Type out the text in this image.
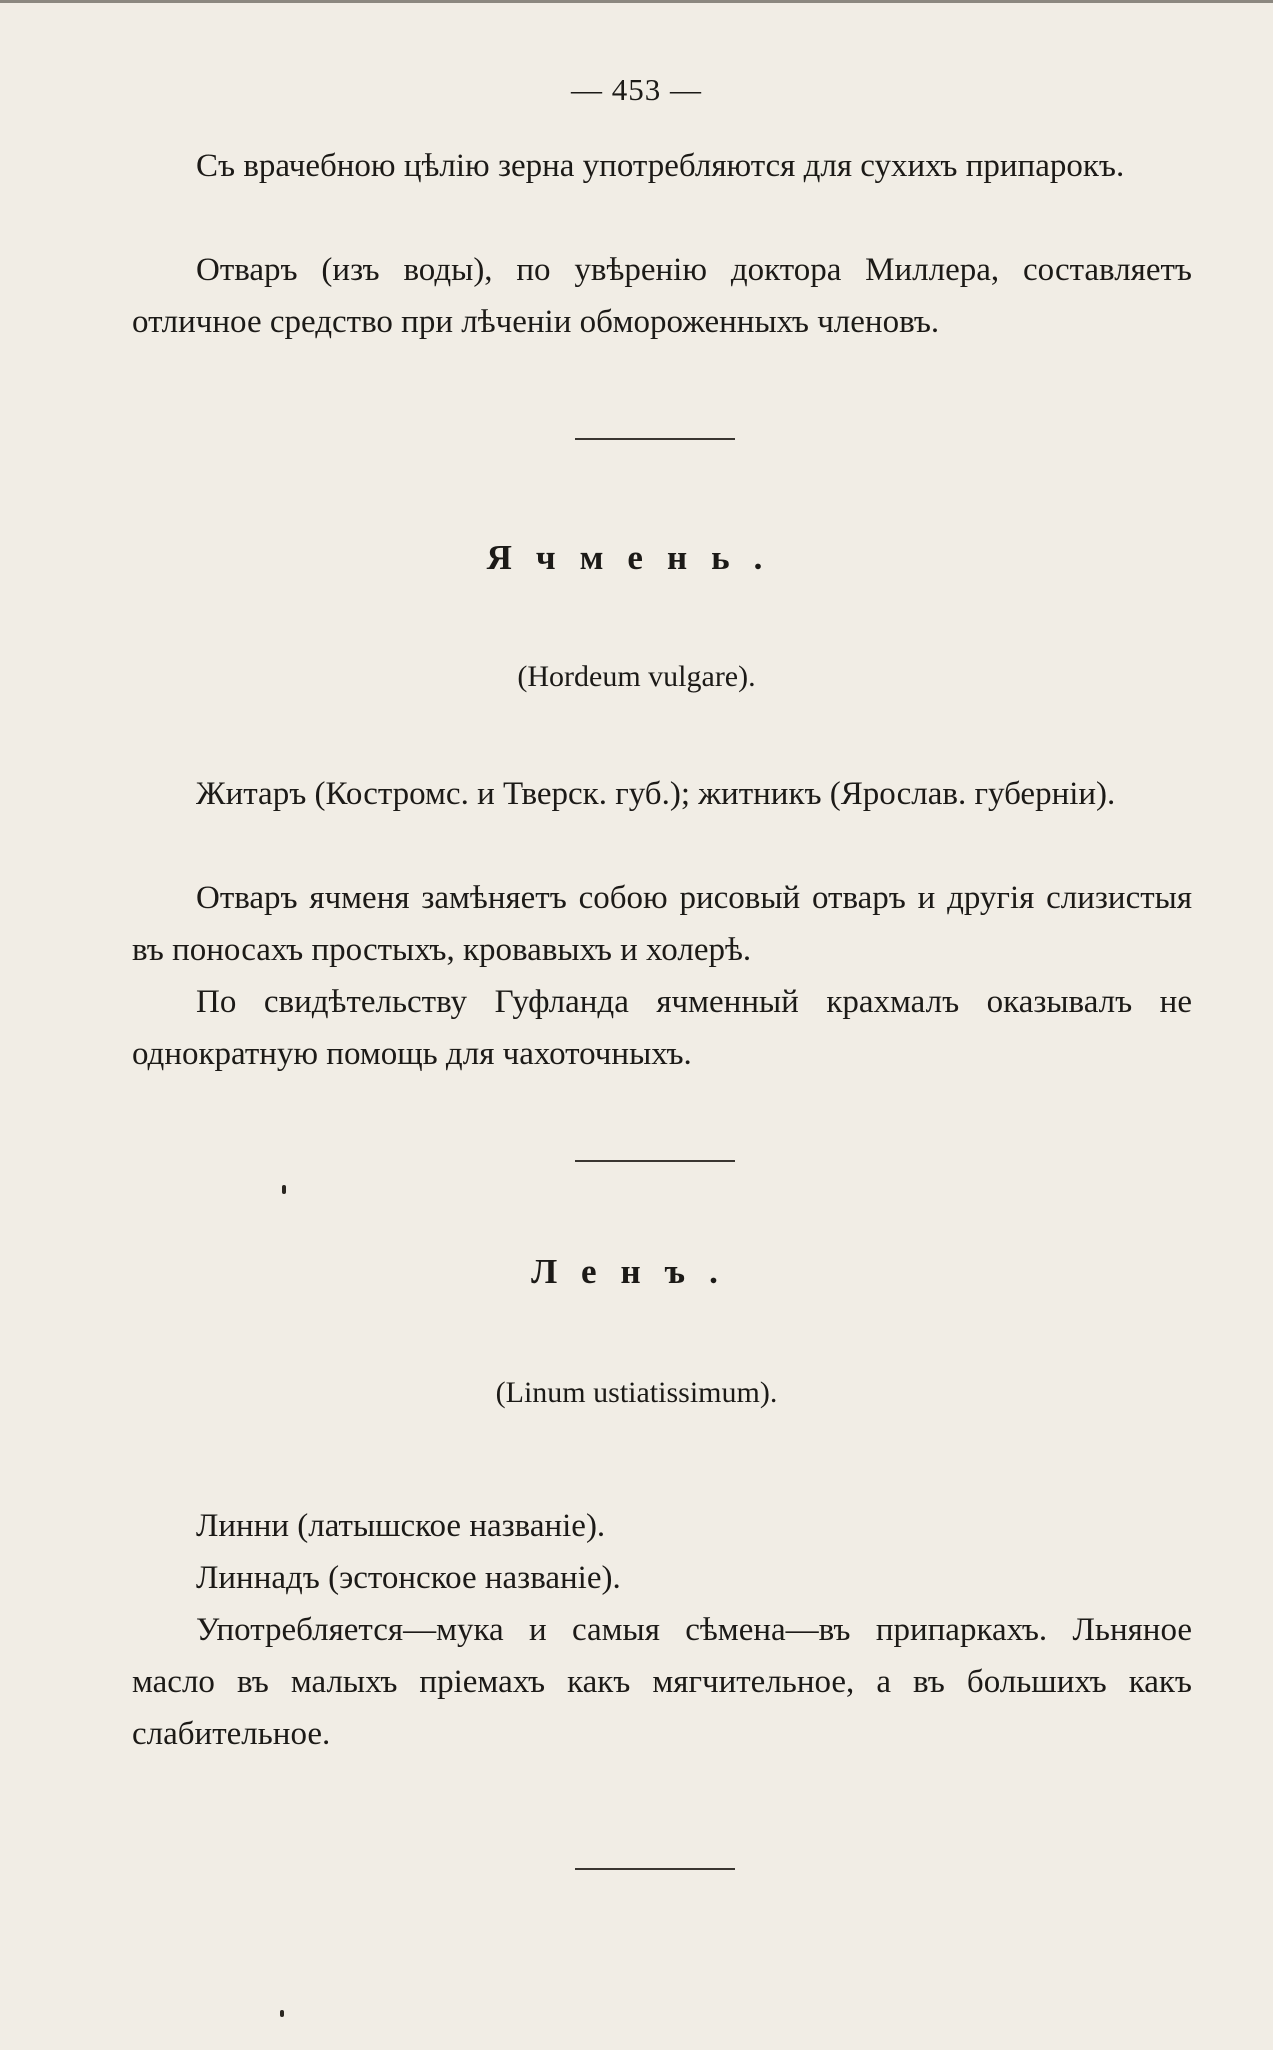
— 453 —

Съ врачебною цѣлію зерна употребляются для сухихъ припарокъ.

Отваръ (изъ воды), по увѣренію доктора Миллера, составляетъ отличное средство при лѣченіи обмороженныхъ членовъ.

Ячмень.
(Hordeum vulgare).

Житаръ (Костромс. и Тверск. губ.); житникъ (Ярослав. губерніи).

Отваръ ячменя замѣняетъ собою рисовый отваръ и другія слизистыя въ поносахъ простыхъ, кровавыхъ и холерѣ.

По свидѣтельству Гуфланда ячменный крахмалъ оказывалъ не однократную помощь для чахоточныхъ.

Ленъ.
(Linum ustiatissimum).

Линни (латышское названіе).

Линнадъ (эстонское названіе).

Употребляется—мука и самыя сѣмена—въ припаркахъ. Льняное масло въ малыхъ пріемахъ какъ мягчительное, а въ большихъ какъ слабительное.
